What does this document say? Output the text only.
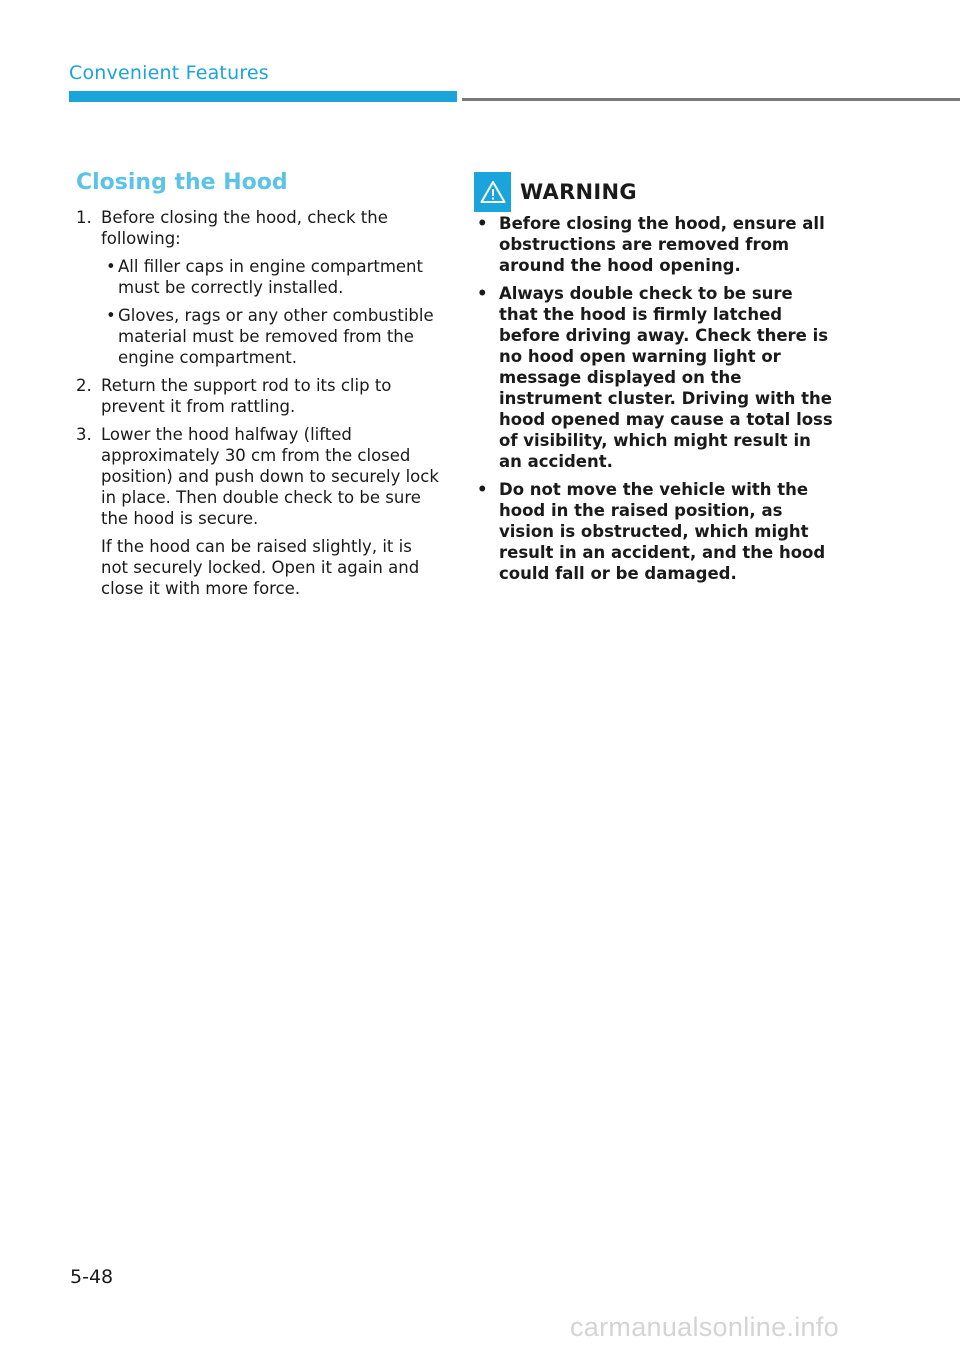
Convenient Features
Closing the Hood
1. Before closing the hood, check the following:
• All filler caps in engine compartment must be correctly installed.
• Gloves, rags or any other combustible material must be removed from the engine compartment.
2. Return the support rod to its clip to prevent it from rattling.
3. Lower the hood halfway (lifted approximately 30 cm from the closed position) and push down to securely lock in place. Then double check to be sure the hood is secure.
If the hood can be raised slightly, it is not securely locked. Open it again and close it with more force.
WARNING
• Before closing the hood, ensure all obstructions are removed from around the hood opening.
• Always double check to be sure that the hood is firmly latched before driving away. Check there is no hood open warning light or message displayed on the instrument cluster. Driving with the hood opened may cause a total loss of visibility, which might result in an accident.
• Do not move the vehicle with the hood in the raised position, as vision is obstructed, which might result in an accident, and the hood could fall or be damaged.
5-48
carmanualsonline.info
